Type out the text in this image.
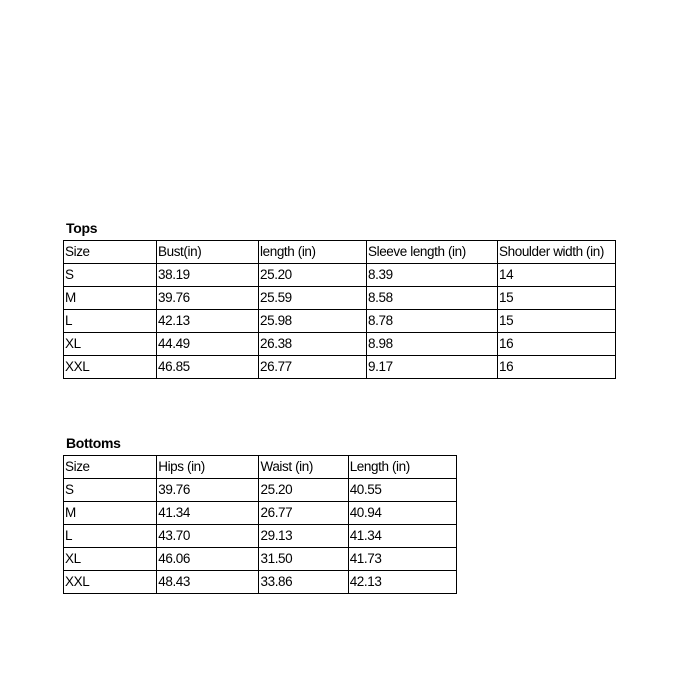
Tops
Size	Bust(in)	length (in)	Sleeve length (in)	Shoulder width (in)
S	38.19	25.20	8.39	14
M	39.76	25.59	8.58	15
L	42.13	25.98	8.78	15
XL	44.49	26.38	8.98	16
XXL	46.85	26.77	9.17	16
Bottoms
Size	Hips (in)	Waist (in)	Length (in)
S	39.76	25.20	40.55
M	41.34	26.77	40.94
L	43.70	29.13	41.34
XL	46.06	31.50	41.73
XXL	48.43	33.86	42.13
